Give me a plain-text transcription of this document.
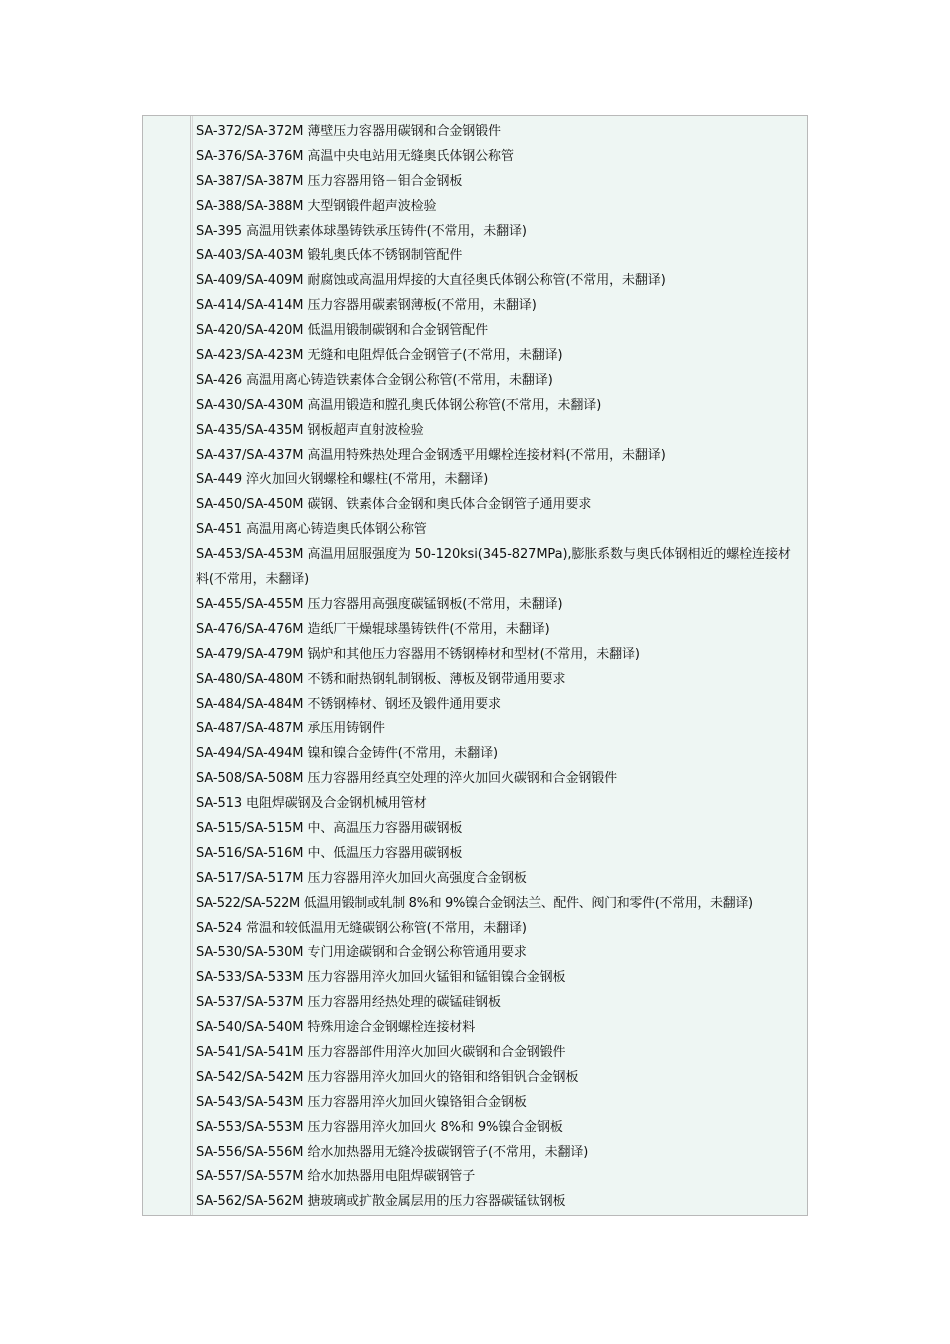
SA-372/SA-372M 薄壁压力容器用碳钢和合金钢锻件
SA-376/SA-376M 高温中央电站用无缝奥氏体钢公称管
SA-387/SA-387M 压力容器用铬－钼合金钢板
SA-388/SA-388M 大型钢锻件超声波检验
SA-395 高温用铁素体球墨铸铁承压铸件(不常用，未翻译)
SA-403/SA-403M 锻轧奥氏体不锈钢制管配件
SA-409/SA-409M 耐腐蚀或高温用焊接的大直径奥氏体钢公称管(不常用，未翻译)
SA-414/SA-414M 压力容器用碳素钢薄板(不常用，未翻译)
SA-420/SA-420M 低温用锻制碳钢和合金钢管配件
SA-423/SA-423M 无缝和电阻焊低合金钢管子(不常用，未翻译)
SA-426 高温用离心铸造铁素体合金钢公称管(不常用，未翻译)
SA-430/SA-430M 高温用锻造和膛孔奥氏体钢公称管(不常用，未翻译)
SA-435/SA-435M 钢板超声直射波检验
SA-437/SA-437M 高温用特殊热处理合金钢透平用螺栓连接材料(不常用，未翻译)
SA-449 淬火加回火钢螺栓和螺柱(不常用，未翻译)
SA-450/SA-450M 碳钢、铁素体合金钢和奥氏体合金钢管子通用要求
SA-451 高温用离心铸造奥氏体钢公称管
SA-453/SA-453M 高温用屈服强度为 50-120ksi(345-827MPa),膨胀系数与奥氏体钢相近的螺栓连接材料(不常用，未翻译)
SA-455/SA-455M 压力容器用高强度碳锰钢板(不常用，未翻译)
SA-476/SA-476M 造纸厂干燥辊球墨铸铁件(不常用，未翻译)
SA-479/SA-479M 锅炉和其他压力容器用不锈钢棒材和型材(不常用，未翻译)
SA-480/SA-480M 不锈和耐热钢轧制钢板、薄板及钢带通用要求
SA-484/SA-484M 不锈钢棒材、钢坯及锻件通用要求
SA-487/SA-487M 承压用铸钢件
SA-494/SA-494M 镍和镍合金铸件(不常用，未翻译)
SA-508/SA-508M 压力容器用经真空处理的淬火加回火碳钢和合金钢锻件
SA-513 电阻焊碳钢及合金钢机械用管材
SA-515/SA-515M 中、高温压力容器用碳钢板
SA-516/SA-516M 中、低温压力容器用碳钢板
SA-517/SA-517M 压力容器用淬火加回火高强度合金钢板
SA-522/SA-522M 低温用锻制或轧制 8%和 9%镍合金钢法兰、配件、阀门和零件(不常用，未翻译)
SA-524 常温和较低温用无缝碳钢公称管(不常用，未翻译)
SA-530/SA-530M 专门用途碳钢和合金钢公称管通用要求
SA-533/SA-533M 压力容器用淬火加回火锰钼和锰钼镍合金钢板
SA-537/SA-537M 压力容器用经热处理的碳锰硅钢板
SA-540/SA-540M 特殊用途合金钢螺栓连接材料
SA-541/SA-541M 压力容器部件用淬火加回火碳钢和合金钢锻件
SA-542/SA-542M 压力容器用淬火加回火的铬钼和络钼钒合金钢板
SA-543/SA-543M 压力容器用淬火加回火镍铬钼合金钢板
SA-553/SA-553M 压力容器用淬火加回火 8%和 9%镍合金钢板
SA-556/SA-556M 给水加热器用无缝冷拔碳钢管子(不常用，未翻译)
SA-557/SA-557M 给水加热器用电阻焊碳钢管子
SA-562/SA-562M 搪玻璃或扩散金属层用的压力容器碳锰钛钢板
